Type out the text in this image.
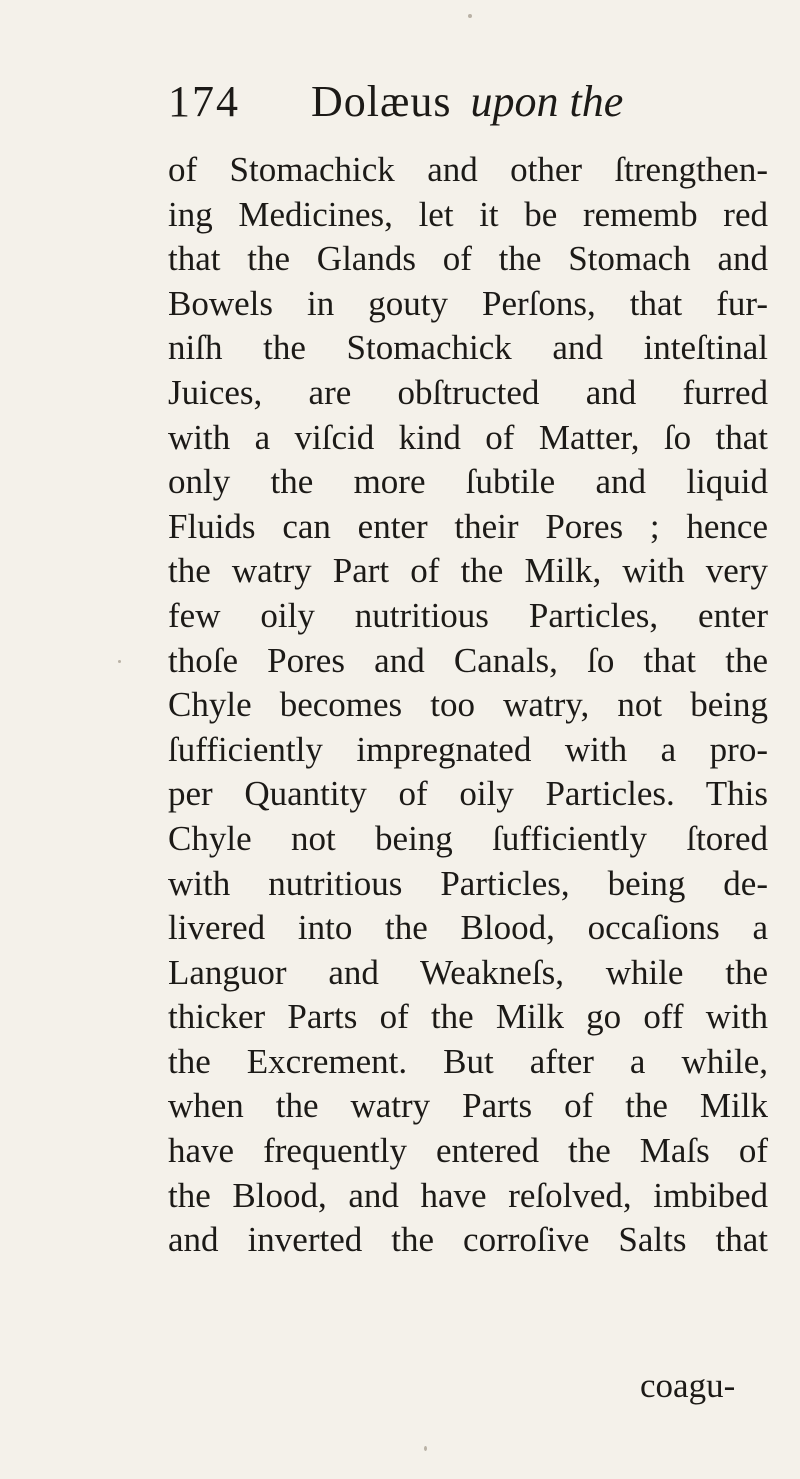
174 Dolæus upon the
of Stomachick and other ſtrengthen-
ing Medicines, let it be rememb red
that the Glands of the Stomach and
Bowels in gouty Perſons, that fur-
niſh the Stomachick and inteſtinal
Juices, are obſtructed and furred
with a viſcid kind of Matter, ſo that
only the more ſubtile and liquid
Fluids can enter their Pores ; hence
the watry Part of the Milk, with very
few oily nutritious Particles, enter
thoſe Pores and Canals, ſo that the
Chyle becomes too watry, not being
ſufficiently impregnated with a pro-
per Quantity of oily Particles. This
Chyle not being ſufficiently ſtored
with nutritious Particles, being de-
livered into the Blood, occaſions a
Languor and Weakneſs, while the
thicker Parts of the Milk go off with
the Excrement. But after a while,
when the watry Parts of the Milk
have frequently entered the Maſs of
the Blood, and have reſolved, imbibed
and inverted the corroſive Salts that
coagu-
